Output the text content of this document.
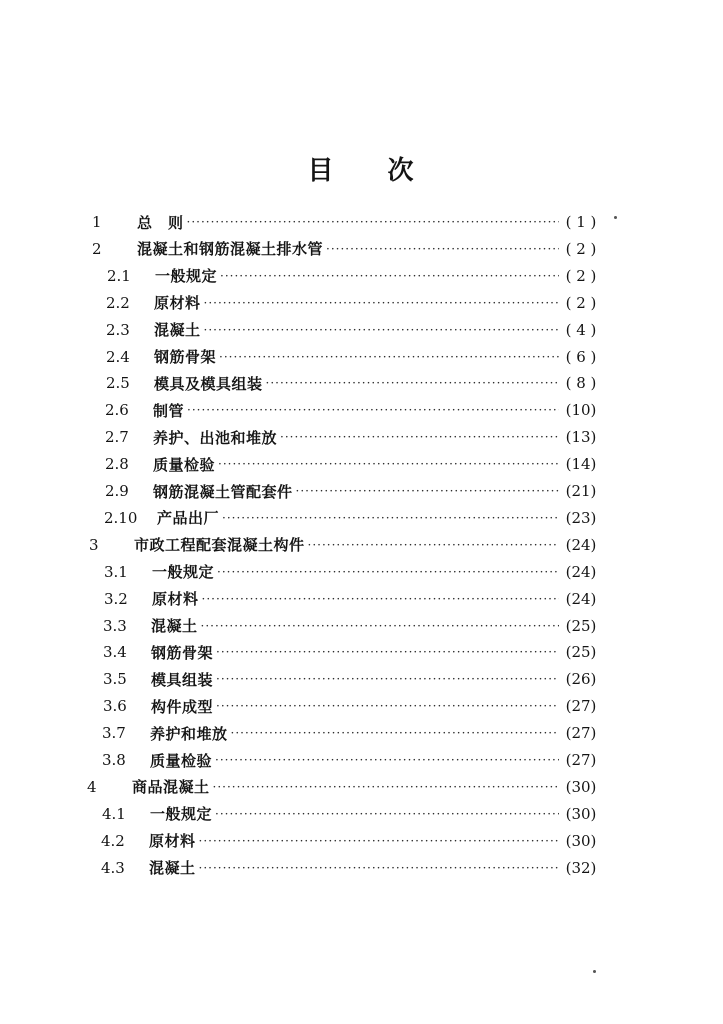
目 次
1	总　则 ·····	( 1 )
2	混凝土和钢筋混凝土排水管 ·····	( 2 )
2.1	一般规定 ·····	( 2 )
2.2	原材料 ·····	( 2 )
2.3	混凝土 ·····	( 4 )
2.4	钢筋骨架 ·····	( 6 )
2.5	模具及模具组装 ·····	( 8 )
2.6	制管 ·····	(10)
2.7	养护、出池和堆放 ·····	(13)
2.8	质量检验 ·····	(14)
2.9	钢筋混凝土管配套件 ·····	(21)
2.10	产品出厂 ·····	(23)
3	市政工程配套混凝土构件 ·····	(24)
3.1	一般规定 ·····	(24)
3.2	原材料 ·····	(24)
3.3	混凝土 ·····	(25)
3.4	钢筋骨架 ·····	(25)
3.5	模具组装 ·····	(26)
3.6	构件成型 ·····	(27)
3.7	养护和堆放 ·····	(27)
3.8	质量检验 ·····	(27)
4	商品混凝土 ·····	(30)
4.1	一般规定 ·····	(30)
4.2	原材料 ·····	(30)
4.3	混凝土 ·····	(32)
